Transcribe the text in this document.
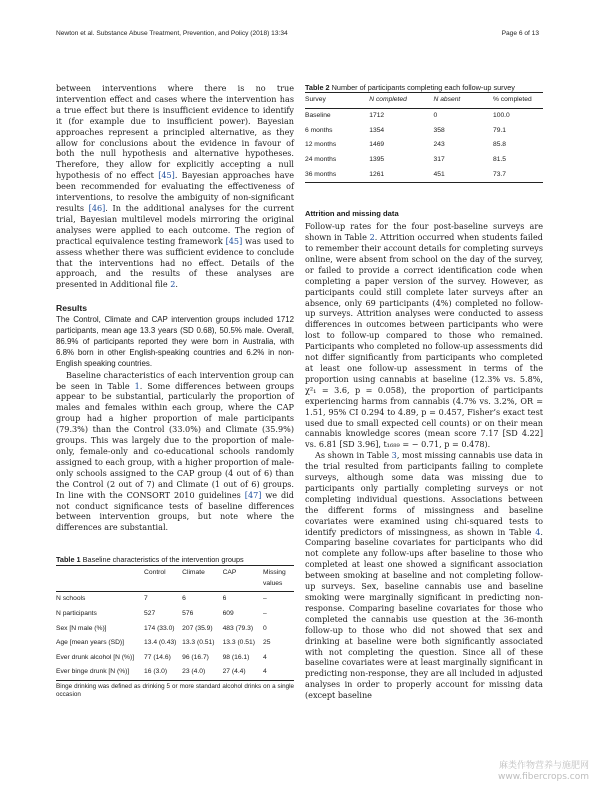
Newton et al. Substance Abuse Treatment, Prevention, and Policy (2018) 13:34	Page 6 of 13

between interventions where there is no true intervention effect and cases where the intervention has a true effect but there is insufficient evidence to identify it (for example due to insufficient power). Bayesian approaches represent a principled alternative, as they allow for conclusions about the evidence in favour of both the null hypothesis and alternative hypotheses. Therefore, they allow for explicitly accepting a null hypothesis of no effect [45]. Bayesian approaches have been recommended for evaluating the effectiveness of interventions, to resolve the ambiguity of non-significant results [46]. In the additional analyses for the current trial, Bayesian multilevel models mirroring the original analyses were applied to each outcome. The region of practical equivalence testing framework [45] was used to assess whether there was sufficient evidence to conclude that the interventions had no effect. Details of the approach, and the results of these analyses are presented in Additional file 2.

Results

The Control, Climate and CAP intervention groups included 1712 participants, mean age 13.3 years (SD 0.68), 50.5% male. Overall, 86.9% of participants reported they were born in Australia, with 6.8% born in other English-speaking countries and 6.2% in non-English speaking countries.

Baseline characteristics of each intervention group can be seen in Table 1. Some differences between groups appear to be substantial, particularly the proportion of males and females within each group, where the CAP group had a higher proportion of male participants (79.3%) than the Control (33.0%) and Climate (35.9%) groups. This was largely due to the proportion of male-only, female-only and co-educational schools randomly assigned to each group, with a higher proportion of male-only schools assigned to the CAP group (4 out of 6) than the Control (2 out of 7) and Climate (1 out of 6) groups. In line with the CONSORT 2010 guidelines [47] we did not conduct significance tests of baseline differences between intervention groups, but note where the differences are substantial.

Table 1 Baseline characteristics of the intervention groups

	Control	Climate	CAP	Missing values
N schools	7	6	6	–
N participants	527	576	609	–
Sex [N male (%)]	174 (33.0)	207 (35.9)	483 (79.3)	0
Age [mean years (SD)]	13.4 (0.43)	13.3 (0.51)	13.3 (0.51)	25
Ever drunk alcohol [N (%)]	77 (14.6)	96 (16.7)	98 (16.1)	4
Ever binge drunk [N (%)]	16 (3.0)	23 (4.0)	27 (4.4)	4
Binge drinking was defined as drinking 5 or more standard alcohol drinks on a single occasion

Table 2 Number of participants completing each follow-up survey

Survey	N completed	N absent	% completed
Baseline	1712	0	100.0
6 months	1354	358	79.1
12 months	1469	243	85.8
24 months	1395	317	81.5
36 months	1261	451	73.7
Attrition and missing data

Follow-up rates for the four post-baseline surveys are shown in Table 2. Attrition occurred when students failed to remember their account details for completing surveys online, were absent from school on the day of the survey, or failed to provide a correct identification code when completing a paper version of the survey. However, as participants could still complete later surveys after an absence, only 69 participants (4%) completed no follow-up surveys. Attrition analyses were conducted to assess differences in outcomes between participants who were lost to follow-up compared to those who remained. Participants who completed no follow-up assessments did not differ significantly from participants who completed at least one follow-up assessment in terms of the proportion using cannabis at baseline (12.3% vs. 5.8%, χ²₁ = 3.6, p = 0.058), the proportion of participants experiencing harms from cannabis (4.7% vs. 3.2%, OR = 1.51, 95% CI 0.294 to 4.89, p = 0.457, Fisher’s exact test used due to small expected cell counts) or on their mean cannabis knowledge scores (mean score 7.17 [SD 4.22] vs. 6.81 [SD 3.96], t₁₆₈₉ = − 0.71, p = 0.478).

As shown in Table 3, most missing cannabis use data in the trial resulted from participants failing to complete surveys, although some data was missing due to participants only partially completing surveys or not completing individual questions. Associations between the different forms of missingness and baseline covariates were examined using chi-squared tests to identify predictors of missingness, as shown in Table 4. Comparing baseline covariates for participants who did not complete any follow-ups after baseline to those who completed at least one showed a significant association between smoking at baseline and not completing follow-up surveys. Sex, baseline cannabis use and baseline smoking were marginally significant in predicting non-response. Comparing baseline covariates for those who completed the cannabis use question at the 36-month follow-up to those who did not showed that sex and drinking at baseline were both significantly associated with not completing the question. Since all of these baseline covariates were at least marginally significant in predicting non-response, they are all included in adjusted analyses in order to properly account for missing data (except baseline

麻类作物营养与施肥网
www.fibercrops.com
